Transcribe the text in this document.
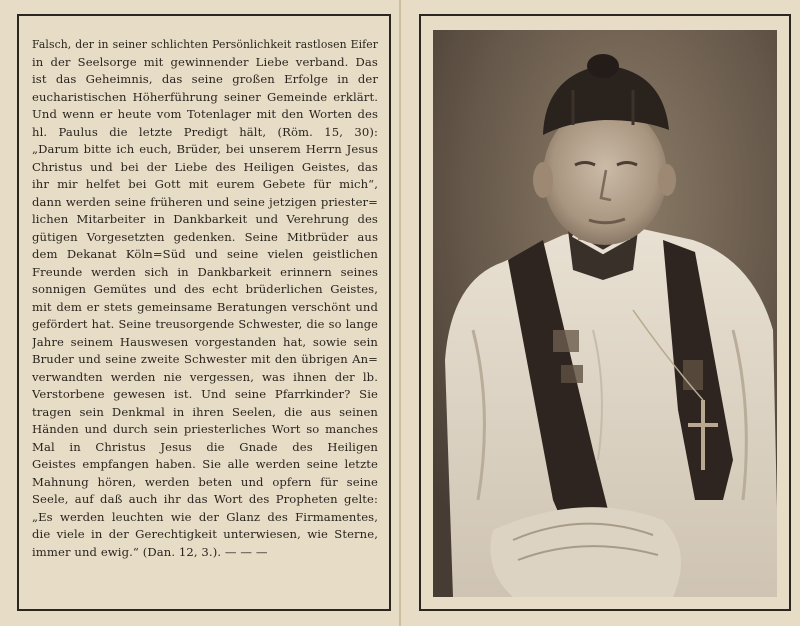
Falsch, der in seiner schlichten Persönlichkeit rastlosen Eifer
in der Seelsorge mit gewinnender Liebe verband. Das
ist das Geheimnis, das seine großen Erfolge in der
eucharistischen Höherführung seiner Gemeinde erklärt.
Und wenn er heute vom Totenlager mit den Worten des
hl. Paulus die letzte Predigt hält, (Röm. 15, 30):
„Darum bitte ich euch, Brüder, bei unserem Herrn Jesus
Christus und bei der Liebe des Heiligen Geistes, das
ihr mir helfet bei Gott mit eurem Gebete für mich“,
dann werden seine früheren und seine jetzigen priester=
lichen Mitarbeiter in Dankbarkeit und Verehrung des
gütigen Vorgesetzten gedenken. Seine Mitbrüder aus
dem Dekanat Köln=Süd und seine vielen geistlichen
Freunde werden sich in Dankbarkeit erinnern seines
sonnigen Gemütes und des echt brüderlichen Geistes,
mit dem er stets gemeinsame Beratungen verschönt und
gefördert hat. Seine treusorgende Schwester, die so lange
Jahre seinem Hauswesen vorgestanden hat, sowie sein
Bruder und seine zweite Schwester mit den übrigen An=
verwandten werden nie vergessen, was ihnen der lb.
Verstorbene gewesen ist. Und seine Pfarrkinder? Sie
tragen sein Denkmal in ihren Seelen, die aus seinen
Händen und durch sein priesterliches Wort so manches
Mal in Christus Jesus die Gnade des Heiligen
Geistes empfangen haben. Sie alle werden seine letzte
Mahnung hören, werden beten und opfern für seine
Seele, auf daß auch ihr das Wort des Propheten gelte:
„Es werden leuchten wie der Glanz des Firmamentes,
die viele in der Gerechtigkeit unterwiesen, wie Sterne,
immer und ewig.“ (Dan. 12, 3.). — — —
